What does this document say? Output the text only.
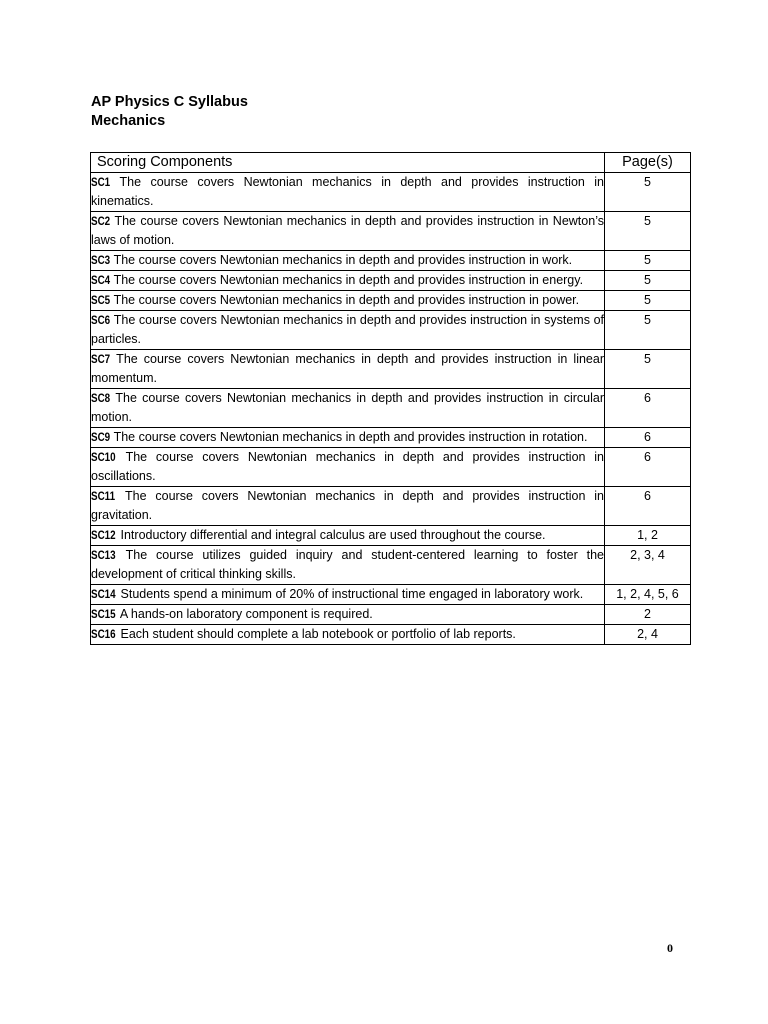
AP Physics C Syllabus
Mechanics
Scoring Components	Page(s)
SC1 The course covers Newtonian mechanics in depth and provides instruction in kinematics.	5
SC2 The course covers Newtonian mechanics in depth and provides instruction in Newton’s laws of motion.	5
SC3 The course covers Newtonian mechanics in depth and provides instruction in work.	5
SC4 The course covers Newtonian mechanics in depth and provides instruction in energy.	5
SC5 The course covers Newtonian mechanics in depth and provides instruction in power.	5
SC6 The course covers Newtonian mechanics in depth and provides instruction in systems of particles.	5
SC7 The course covers Newtonian mechanics in depth and provides instruction in linear momentum.	5
SC8 The course covers Newtonian mechanics in depth and provides instruction in circular motion.	6
SC9 The course covers Newtonian mechanics in depth and provides instruction in rotation.	6
SC10 The course covers Newtonian mechanics in depth and provides instruction in oscillations.	6
SC11 The course covers Newtonian mechanics in depth and provides instruction in gravitation.	6
SC12 Introductory differential and integral calculus are used throughout the course.	1, 2
SC13 The course utilizes guided inquiry and student-centered learning to foster the development of critical thinking skills.	2, 3, 4
SC14 Students spend a minimum of 20% of instructional time engaged in laboratory work.	1, 2, 4, 5, 6
SC15 A hands-on laboratory component is required.	2
SC16 Each student should complete a lab notebook or portfolio of lab reports.	2, 4
0
